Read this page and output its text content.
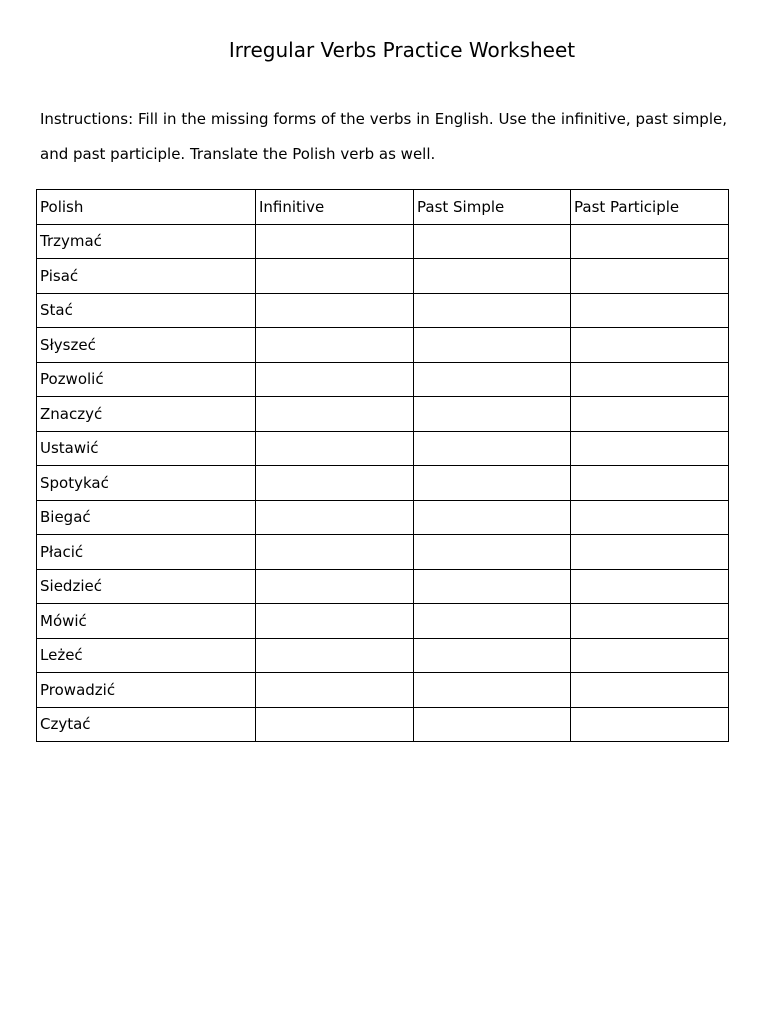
Irregular Verbs Practice Worksheet

Instructions: Fill in the missing forms of the verbs in English. Use the infinitive, past simple, and past participle. Translate the Polish verb as well.

Polish	Infinitive	Past Simple	Past Participle
Trzymać			
Pisać			
Stać			
Słyszeć			
Pozwolić			
Znaczyć			
Ustawić			
Spotykać			
Biegać			
Płacić			
Siedzieć			
Mówić			
Leżeć			
Prowadzić			
Czytać			
